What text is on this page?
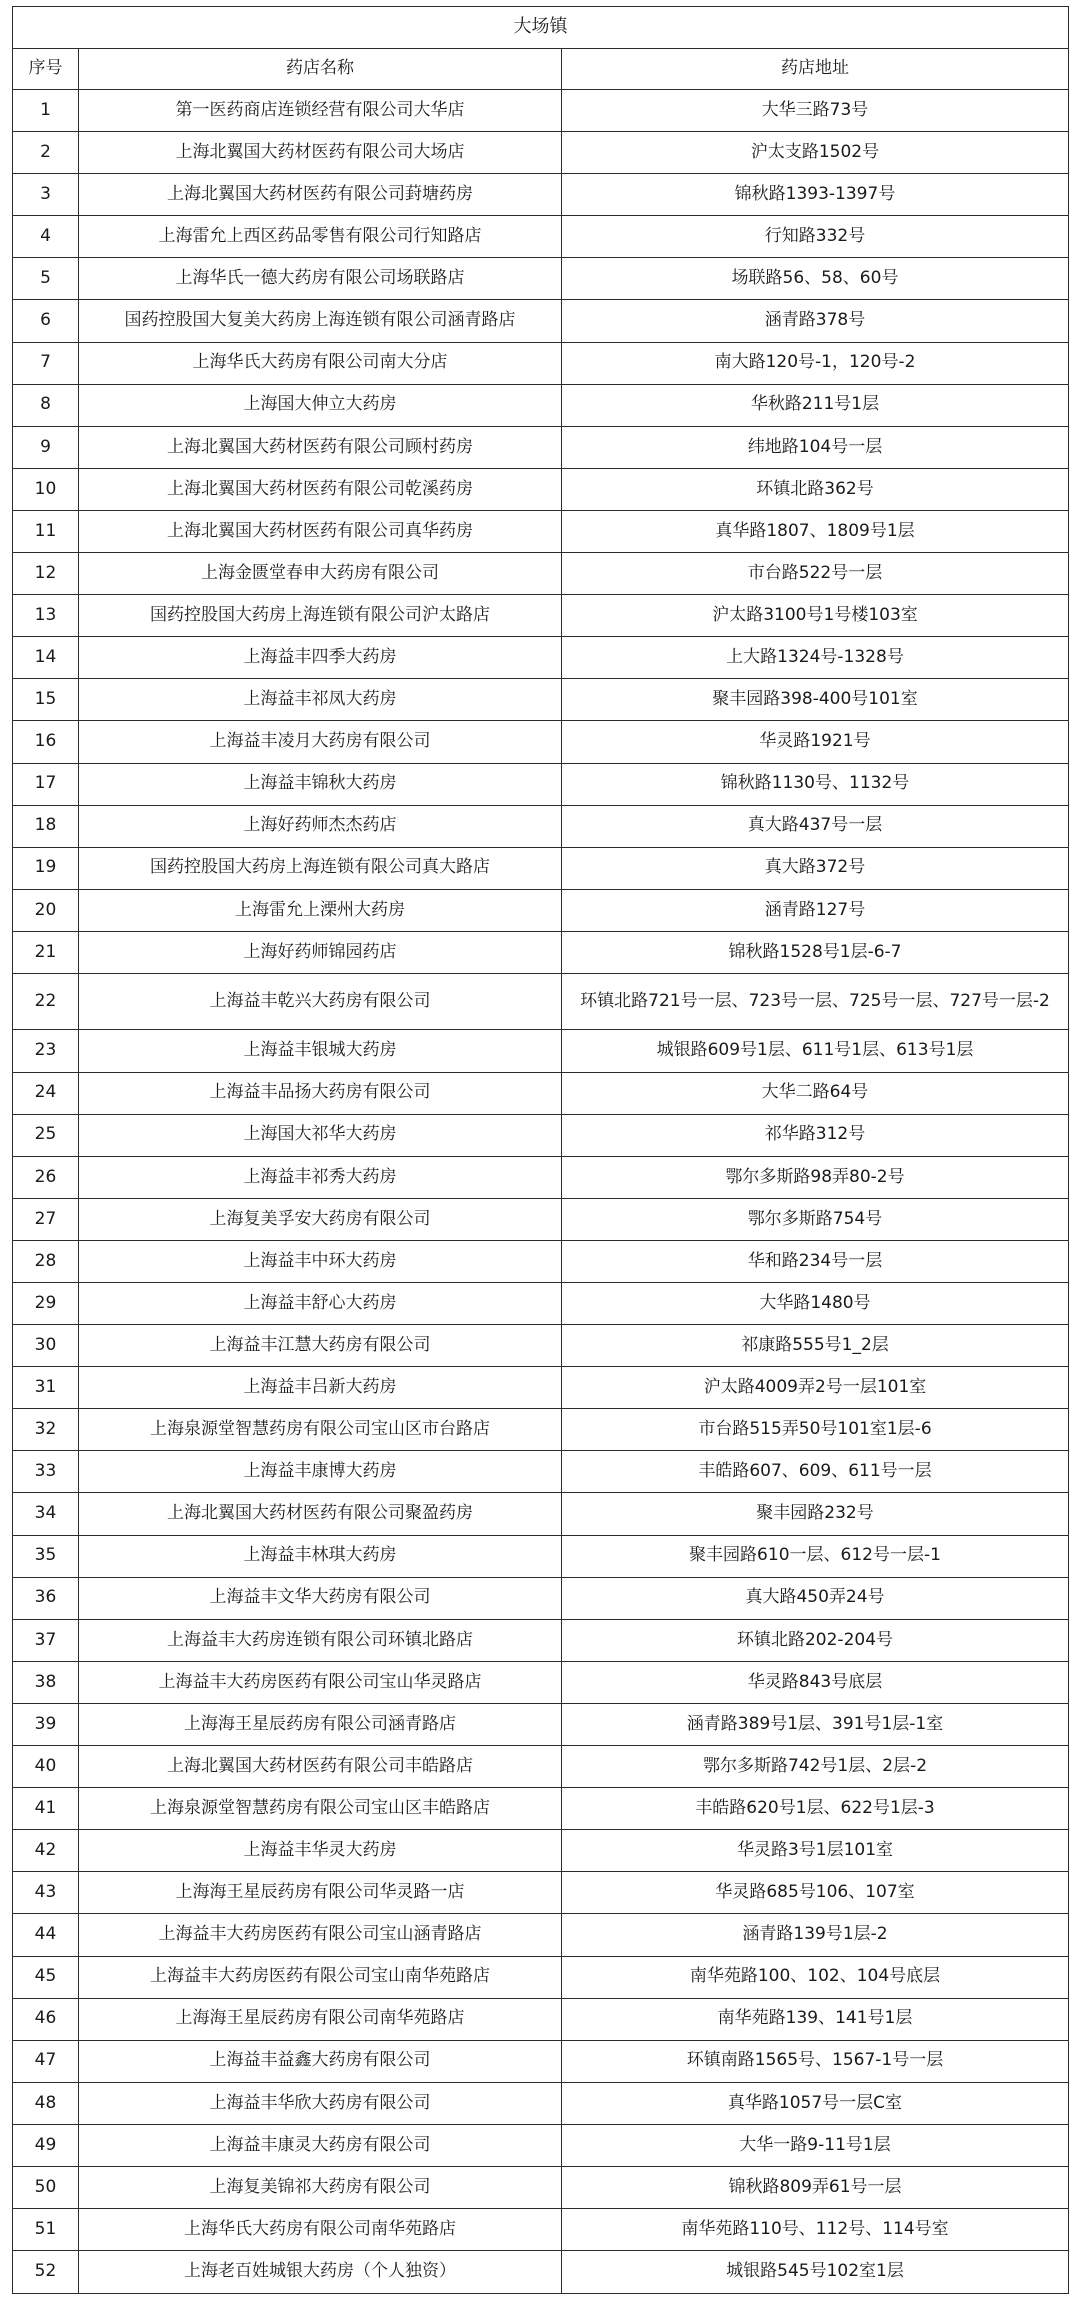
大场镇		
序号	药店名称	药店地址
1	第一医药商店连锁经营有限公司大华店	大华三路73号
2	上海北翼国大药材医药有限公司大场店	沪太支路1502号
3	上海北翼国大药材医药有限公司葑塘药房	锦秋路1393-1397号
4	上海雷允上西区药品零售有限公司行知路店	行知路332号
5	上海华氏一德大药房有限公司场联路店	场联路56、58、60号
6	国药控股国大复美大药房上海连锁有限公司涵青路店	涵青路378号
7	上海华氏大药房有限公司南大分店	南大路120号-1，120号-2
8	上海国大伸立大药房	华秋路211号1层
9	上海北翼国大药材医药有限公司顾村药房	纬地路104号一层
10	上海北翼国大药材医药有限公司乾溪药房	环镇北路362号
11	上海北翼国大药材医药有限公司真华药房	真华路1807、1809号1层
12	上海金匮堂春申大药房有限公司	市台路522号一层
13	国药控股国大药房上海连锁有限公司沪太路店	沪太路3100号1号楼103室
14	上海益丰四季大药房	上大路1324号-1328号
15	上海益丰祁凤大药房	聚丰园路398-400号101室
16	上海益丰凌月大药房有限公司	华灵路1921号
17	上海益丰锦秋大药房	锦秋路1130号、1132号
18	上海好药师杰杰药店	真大路437号一层
19	国药控股国大药房上海连锁有限公司真大路店	真大路372号
20	上海雷允上溧州大药房	涵青路127号
21	上海好药师锦园药店	锦秋路1528号1层-6-7
22	上海益丰乾兴大药房有限公司	环镇北路721号一层、723号一层、725号一层、727号一层-2
23	上海益丰银城大药房	城银路609号1层、611号1层、613号1层
24	上海益丰品扬大药房有限公司	大华二路64号
25	上海国大祁华大药房	祁华路312号
26	上海益丰祁秀大药房	鄂尔多斯路98弄80-2号
27	上海复美孚安大药房有限公司	鄂尔多斯路754号
28	上海益丰中环大药房	华和路234号一层
29	上海益丰舒心大药房	大华路1480号
30	上海益丰江慧大药房有限公司	祁康路555号1_2层
31	上海益丰吕新大药房	沪太路4009弄2号一层101室
32	上海泉源堂智慧药房有限公司宝山区市台路店	市台路515弄50号101室1层-6
33	上海益丰康博大药房	丰皓路607、609、611号一层
34	上海北翼国大药材医药有限公司聚盈药房	聚丰园路232号
35	上海益丰林琪大药房	聚丰园路610一层、612号一层-1
36	上海益丰文华大药房有限公司	真大路450弄24号
37	上海益丰大药房连锁有限公司环镇北路店	环镇北路202-204号
38	上海益丰大药房医药有限公司宝山华灵路店	华灵路843号底层
39	上海海王星辰药房有限公司涵青路店	涵青路389号1层、391号1层-1室
40	上海北翼国大药材医药有限公司丰皓路店	鄂尔多斯路742号1层、2层-2
41	上海泉源堂智慧药房有限公司宝山区丰皓路店	丰皓路620号1层、622号1层-3
42	上海益丰华灵大药房	华灵路3号1层101室
43	上海海王星辰药房有限公司华灵路一店	华灵路685号106、107室
44	上海益丰大药房医药有限公司宝山涵青路店	涵青路139号1层-2
45	上海益丰大药房医药有限公司宝山南华苑路店	南华苑路100、102、104号底层
46	上海海王星辰药房有限公司南华苑路店	南华苑路139、141号1层
47	上海益丰益鑫大药房有限公司	环镇南路1565号、1567-1号一层
48	上海益丰华欣大药房有限公司	真华路1057号一层C室
49	上海益丰康灵大药房有限公司	大华一路9-11号1层
50	上海复美锦祁大药房有限公司	锦秋路809弄61号一层
51	上海华氏大药房有限公司南华苑路店	南华苑路110号、112号、114号室
52	上海老百姓城银大药房（个人独资）	城银路545号102室1层
